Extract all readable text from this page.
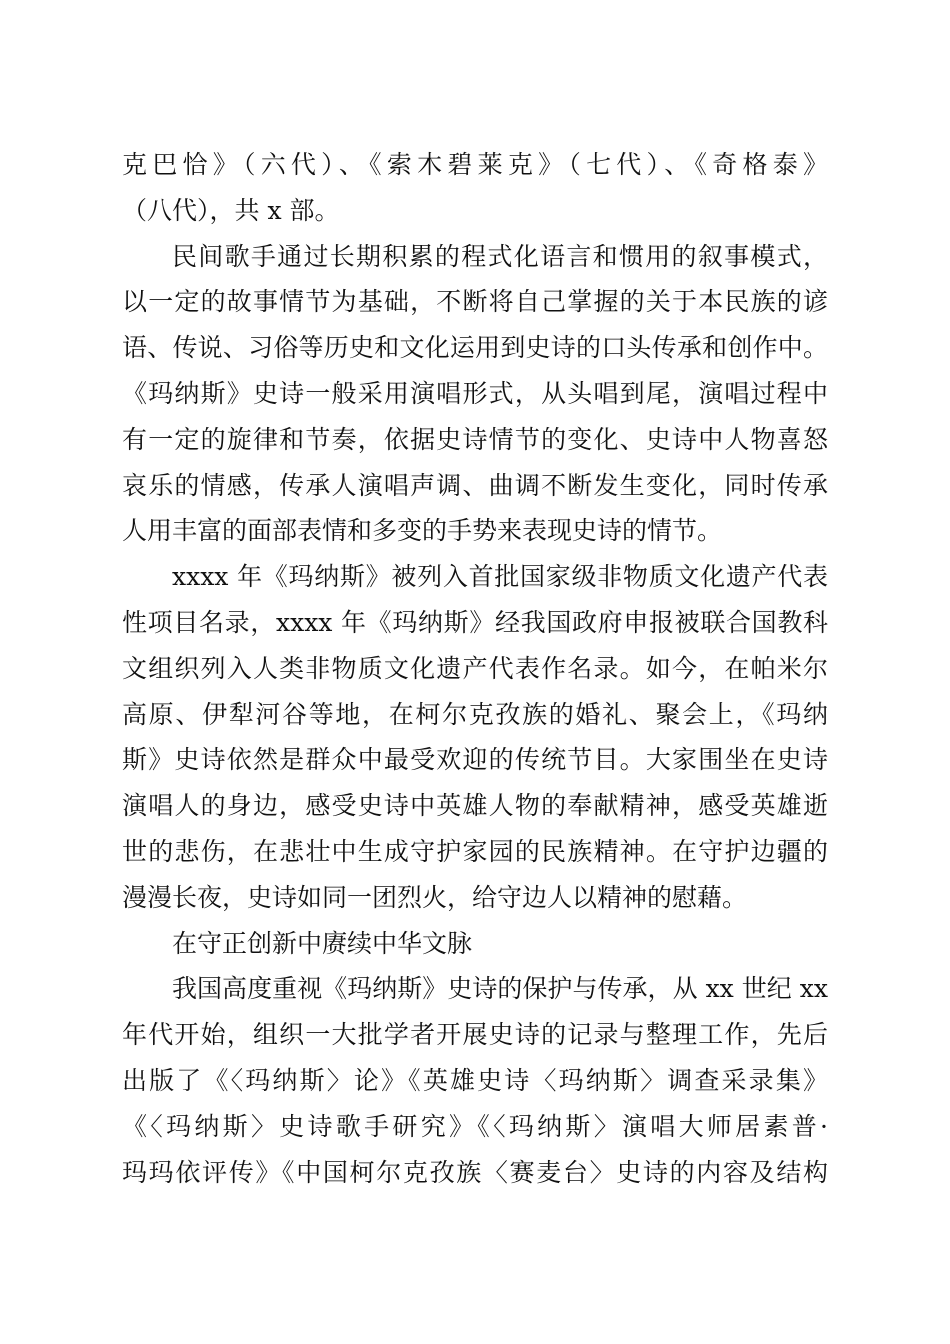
克巴恰》（六代）、《索木碧莱克》（七代）、《奇格泰》
（八代），共 x 部。
民间歌手通过长期积累的程式化语言和惯用的叙事模式，
以一定的故事情节为基础，不断将自己掌握的关于本民族的谚
语、传说、习俗等历史和文化运用到史诗的口头传承和创作中。
《玛纳斯》史诗一般采用演唱形式，从头唱到尾，演唱过程中
有一定的旋律和节奏，依据史诗情节的变化、史诗中人物喜怒
哀乐的情感，传承人演唱声调、曲调不断发生变化，同时传承
人用丰富的面部表情和多变的手势来表现史诗的情节。
xxxx 年《玛纳斯》被列入首批国家级非物质文化遗产代表
性项目名录，xxxx 年《玛纳斯》经我国政府申报被联合国教科
文组织列入人类非物质文化遗产代表作名录。如今，在帕米尔
高原、伊犁河谷等地，在柯尔克孜族的婚礼、聚会上，《玛纳
斯》史诗依然是群众中最受欢迎的传统节目。大家围坐在史诗
演唱人的身边，感受史诗中英雄人物的奉献精神，感受英雄逝
世的悲伤，在悲壮中生成守护家园的民族精神。在守护边疆的
漫漫长夜，史诗如同一团烈火，给守边人以精神的慰藉。
在守正创新中赓续中华文脉
我国高度重视《玛纳斯》史诗的保护与传承，从 xx 世纪 xx
年代开始，组织一大批学者开展史诗的记录与整理工作，先后
出版了《〈玛纳斯〉论》《英雄史诗〈玛纳斯〉调查采录集》
《〈玛纳斯〉史诗歌手研究》《〈玛纳斯〉演唱大师居素普·
玛玛依评传》《中国柯尔克孜族〈赛麦台〉史诗的内容及结构
